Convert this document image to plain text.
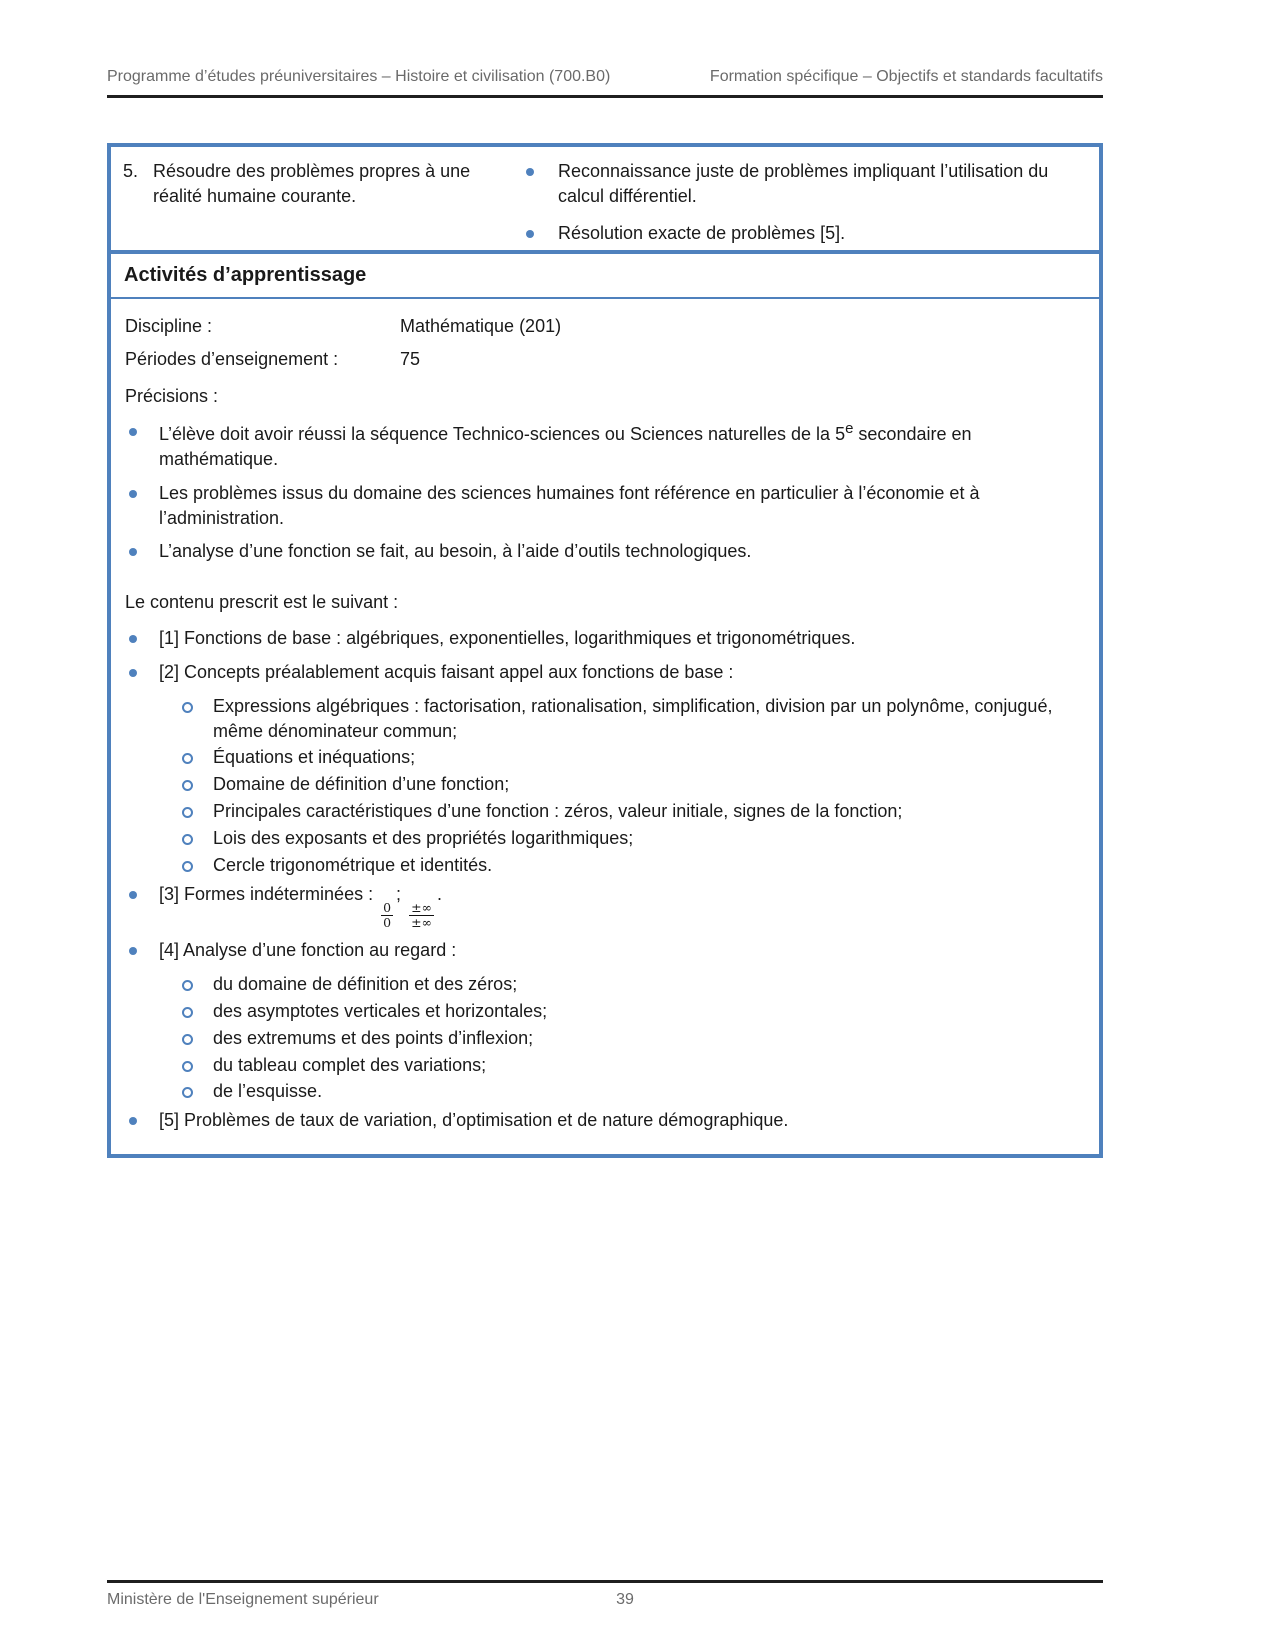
Programme d’études préuniversitaires – Histoire et civilisation (700.B0)	Formation spécifique – Objectifs et standards facultatifs
5. Résoudre des problèmes propres à une réalité humaine courante.
Reconnaissance juste de problèmes impliquant l’utilisation du calcul différentiel.
Résolution exacte de problèmes [5].
Activités d’apprentissage
Discipline :	Mathématique (201)
Périodes d’enseignement :	75
Précisions :
L’élève doit avoir réussi la séquence Technico-sciences ou Sciences naturelles de la 5e secondaire en mathématique.
Les problèmes issus du domaine des sciences humaines font référence en particulier à l’économie et à l’administration.
L’analyse d’une fonction se fait, au besoin, à l’aide d’outils technologiques.
Le contenu prescrit est le suivant :
[1] Fonctions de base : algébriques, exponentielles, logarithmiques et trigonométriques.
[2] Concepts préalablement acquis faisant appel aux fonctions de base :
Expressions algébriques : factorisation, rationalisation, simplification, division par un polynôme, conjugué, même dénominateur commun;
Équations et inéquations;
Domaine de définition d’une fonction;
Principales caractéristiques d’une fonction : zéros, valeur initiale, signes de la fonction;
Lois des exposants et des propriétés logarithmiques;
Cercle trigonométrique et identités.
[3] Formes indéterminées :
$\frac{0}{0}$
;
$\frac{\pm\infty}{\pm\infty}$
.
[4] Analyse d’une fonction au regard :
du domaine de définition et des zéros;
des asymptotes verticales et horizontales;
des extremums et des points d’inflexion;
du tableau complet des variations;
de l’esquisse.
[5] Problèmes de taux de variation, d’optimisation et de nature démographique.
Ministère de l'Enseignement supérieur	39
